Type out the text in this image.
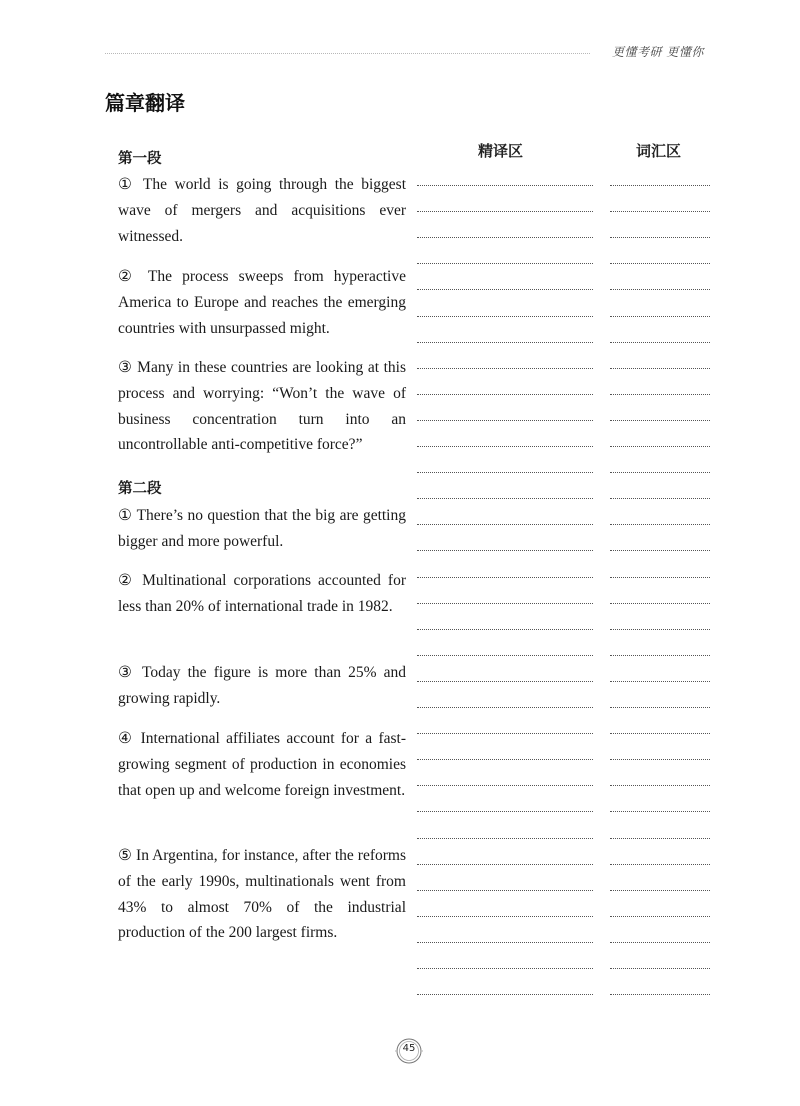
更懂考研 更懂你
篇章翻译
精译区	词汇区
第一段
① The world is going through the biggest wave of mergers and acquisitions ever witnessed.
② The process sweeps from hyperactive America to Europe and reaches the emerging countries with unsurpassed might.
③ Many in these countries are looking at this process and worrying: “Won’t the wave of business concentration turn into an uncontrollable anti-competitive force?”
第二段
① There’s no question that the big are getting bigger and more powerful.
② Multinational corporations accounted for less than 20% of international trade in 1982.
③ Today the figure is more than 25% and growing rapidly.
④ International affiliates account for a fast-growing segment of production in economies that open up and welcome foreign investment.
⑤ In Argentina, for instance, after the reforms of the early 1990s, multinationals went from 43% to almost 70% of the industrial production of the 200 largest firms.
45
